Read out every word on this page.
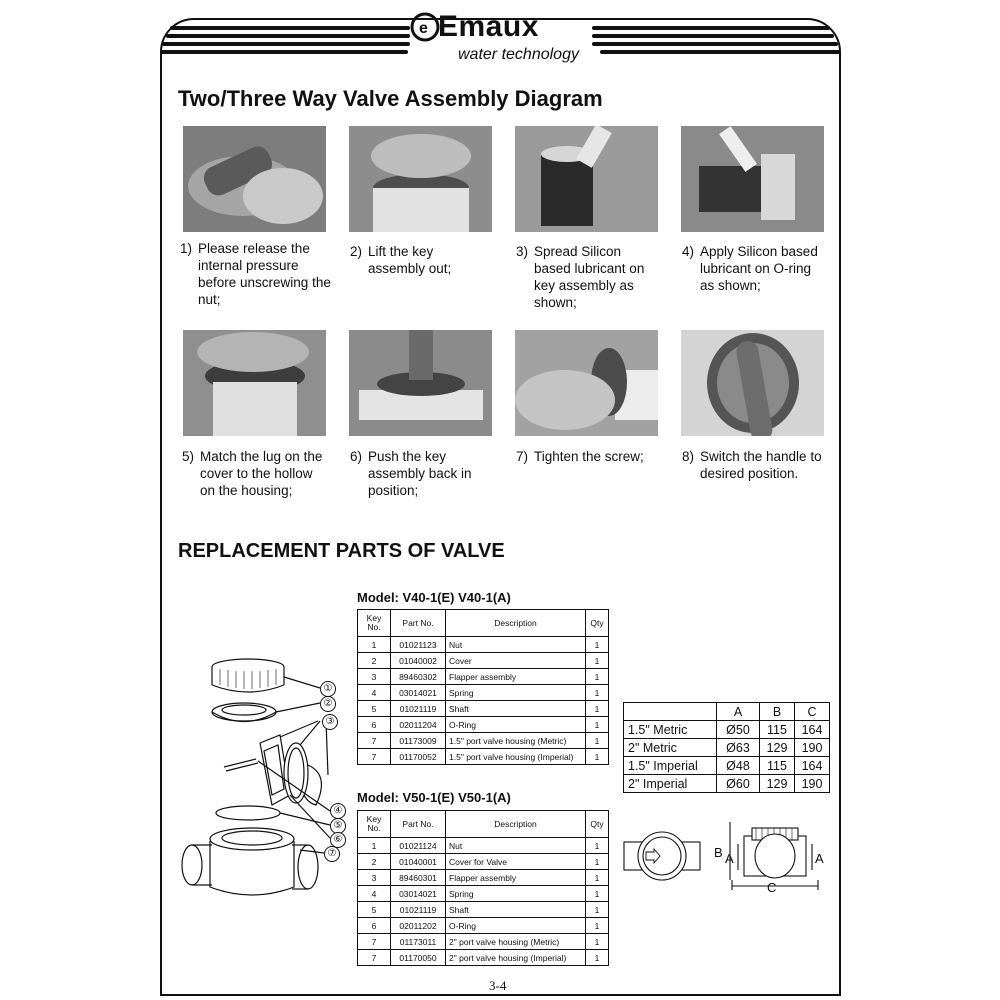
e Emaux
water technology
Two/Three Way Valve Assembly Diagram
1) Please release the internal pressure before unscrewing the nut;
2) Lift the key assembly out;
3) Spread Silicon based lubricant on key assembly as shown;
4) Apply Silicon based lubricant on O-ring as shown;
5) Match the lug on the cover to the hollow on the housing;
6) Push the key assembly back in position;
7) Tighten the screw;	8) Switch the handle to desired position.
REPLACEMENT PARTS OF VALVE
①
②
③
④
⑤
⑥
⑦
Model: V40-1(E) V40-1(A)
Key No.	Part No.	Description	Qty
1	01021123	Nut	1
2	01040002	Cover	1
3	89460302	Flapper assembly	1
4	03014021	Spring	1
5	01021119	Shaft	1
6	02011204	O-Ring	1
7	01173009	1.5" port valve housing (Metric)	1
7	01170052	1.5" port valve housing (Imperial)	1
Model: V50-1(E) V50-1(A)
Key No.	Part No.	Description	Qty
1	01021124	Nut	1
2	01040001	Cover for Valve	1
3	89460301	Flapper assembly	1
4	03014021	Spring	1
5	01021119	Shaft	1
6	02011202	O-Ring	1
7	01173011	2" port valve housing (Metric)	1
7	01170050	2" port valve housing (Imperial)	1
	A	B	C
1.5" Metric	Ø50	115	164
2" Metric	Ø63	129	190
1.5" Imperial	Ø48	115	164
2" Imperial	Ø60	129	190
B A	A
C
3-4
